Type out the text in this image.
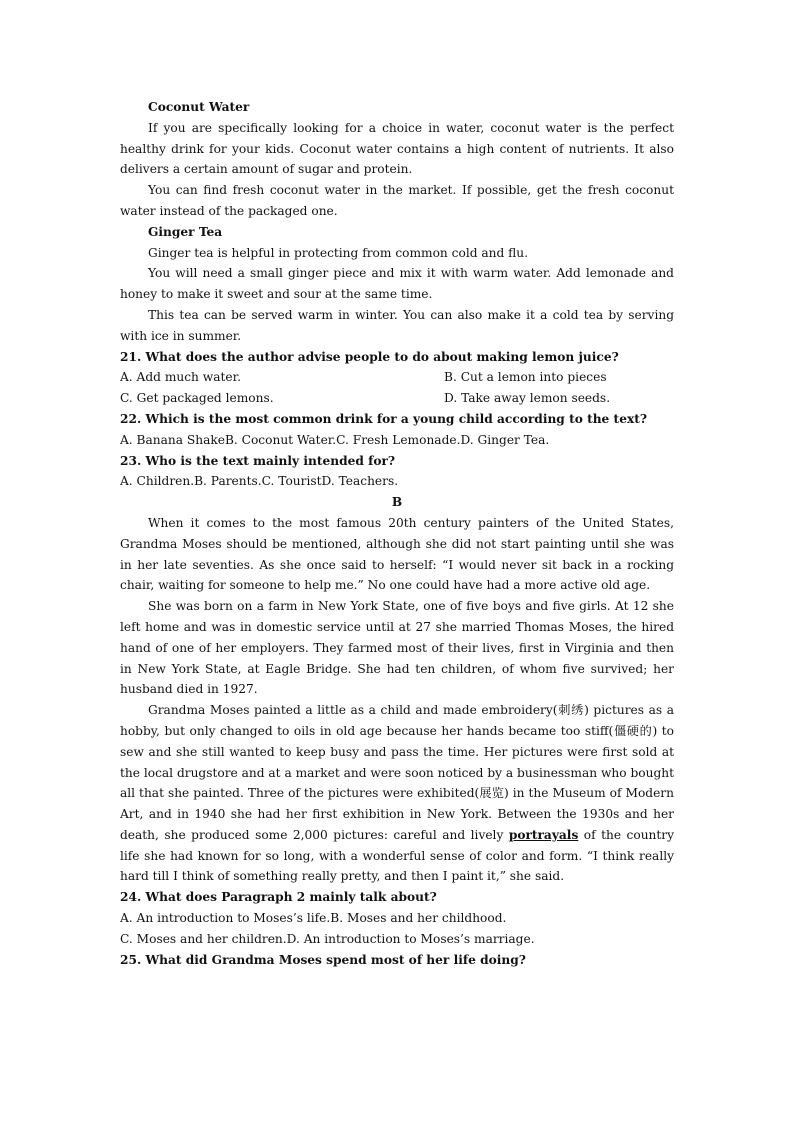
Coconut Water

If you are specifically looking for a choice in water, coconut water is the perfect healthy drink for your kids. Coconut water contains a high content of nutrients. It also delivers a certain amount of sugar and protein.

You can find fresh coconut water in the market. If possible, get the fresh coconut water instead of the packaged one.

Ginger Tea

Ginger tea is helpful in protecting from common cold and flu.

You will need a small ginger piece and mix it with warm water. Add lemonade and honey to make it sweet and sour at the same time.

This tea can be served warm in winter. You can also make it a cold tea by serving with ice in summer.

21. What does the author advise people to do about making lemon juice?

A. Add much water.	B. Cut a lemon into pieces
C. Get packaged lemons.	D. Take away lemon seeds.

22. Which is the most common drink for a young child according to the text?

A. Banana ShakeB. Coconut Water.C. Fresh Lemonade.D. Ginger Tea.

23. Who is the text mainly intended for?

A. Children.B. Parents.C. TouristD. Teachers.

B

When it comes to the most famous 20th century painters of the United States, Grandma Moses should be mentioned, although she did not start painting until she was in her late seventies. As she once said to herself: “I would never sit back in a rocking chair, waiting for someone to help me.” No one could have had a more active old age.

She was born on a farm in New York State, one of five boys and five girls. At 12 she left home and was in domestic service until at 27 she married Thomas Moses, the hired hand of one of her employers. They farmed most of their lives, first in Virginia and then in New York State, at Eagle Bridge. She had ten children, of whom five survived; her husband died in 1927.

Grandma Moses painted a little as a child and made embroidery(刺绣) pictures as a hobby, but only changed to oils in old age because her hands became too stiff(僵硬的) to sew and she still wanted to keep busy and pass the time. Her pictures were first sold at the local drugstore and at a market and were soon noticed by a businessman who bought all that she painted. Three of the pictures were exhibited(展览) in the Museum of Modern Art, and in 1940 she had her first exhibition in New York. Between the 1930s and her death, she produced some 2,000 pictures: careful and lively portrayals of the country life she had known for so long, with a wonderful sense of color and form. “I think really hard till I think of something really pretty, and then I paint it,” she said.

24. What does Paragraph 2 mainly talk about?

A. An introduction to Moses’s life.B. Moses and her childhood.

C. Moses and her children.D. An introduction to Moses’s marriage.

25. What did Grandma Moses spend most of her life doing?
